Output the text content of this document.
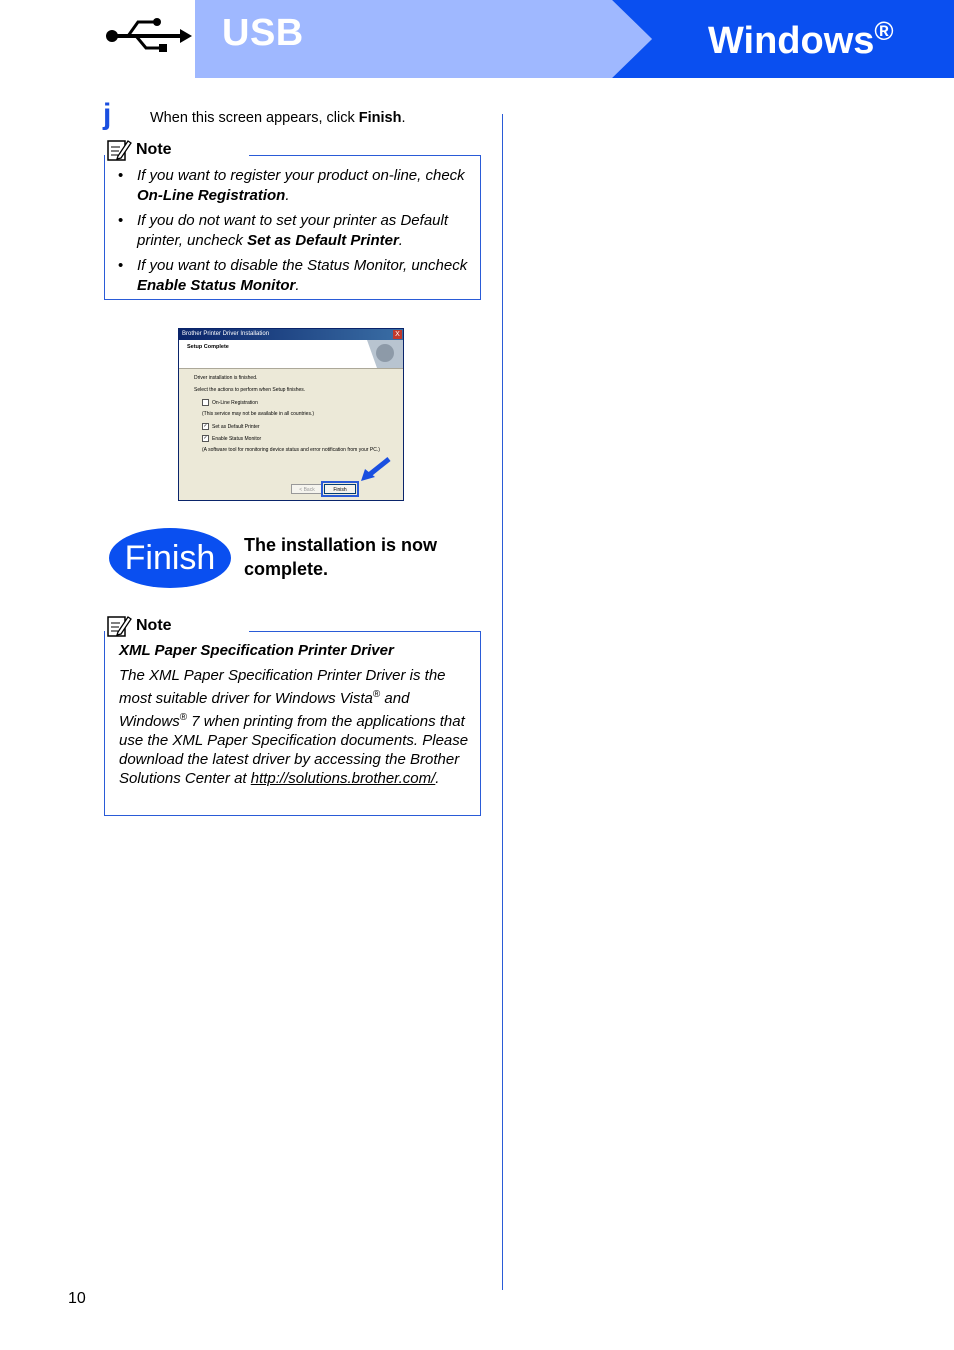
USB	Windows®
j	When this screen appears, click Finish.
Note
• If you want to register your product on-line, check On-Line Registration.
• If you do not want to set your printer as Default printer, uncheck Set as Default Printer.
• If you want to disable the Status Monitor, uncheck Enable Status Monitor.
Brother Printer Driver Installation	X
Setup Complete
Driver installation is finished.
Select the actions to perform when Setup finishes.
On-Line Registration
(This service may not be available in all countries.)
✓ Set as Default Printer
✓ Enable Status Monitor
(A software tool for monitoring device status and error notification from your PC.)
< Back	Finish
Finish	The installation is now complete.
Note
XML Paper Specification Printer Driver
The XML Paper Specification Printer Driver is the most suitable driver for Windows Vista® and Windows® 7 when printing from the applications that use the XML Paper Specification documents. Please download the latest driver by accessing the Brother Solutions Center at http://solutions.brother.com/.
10
